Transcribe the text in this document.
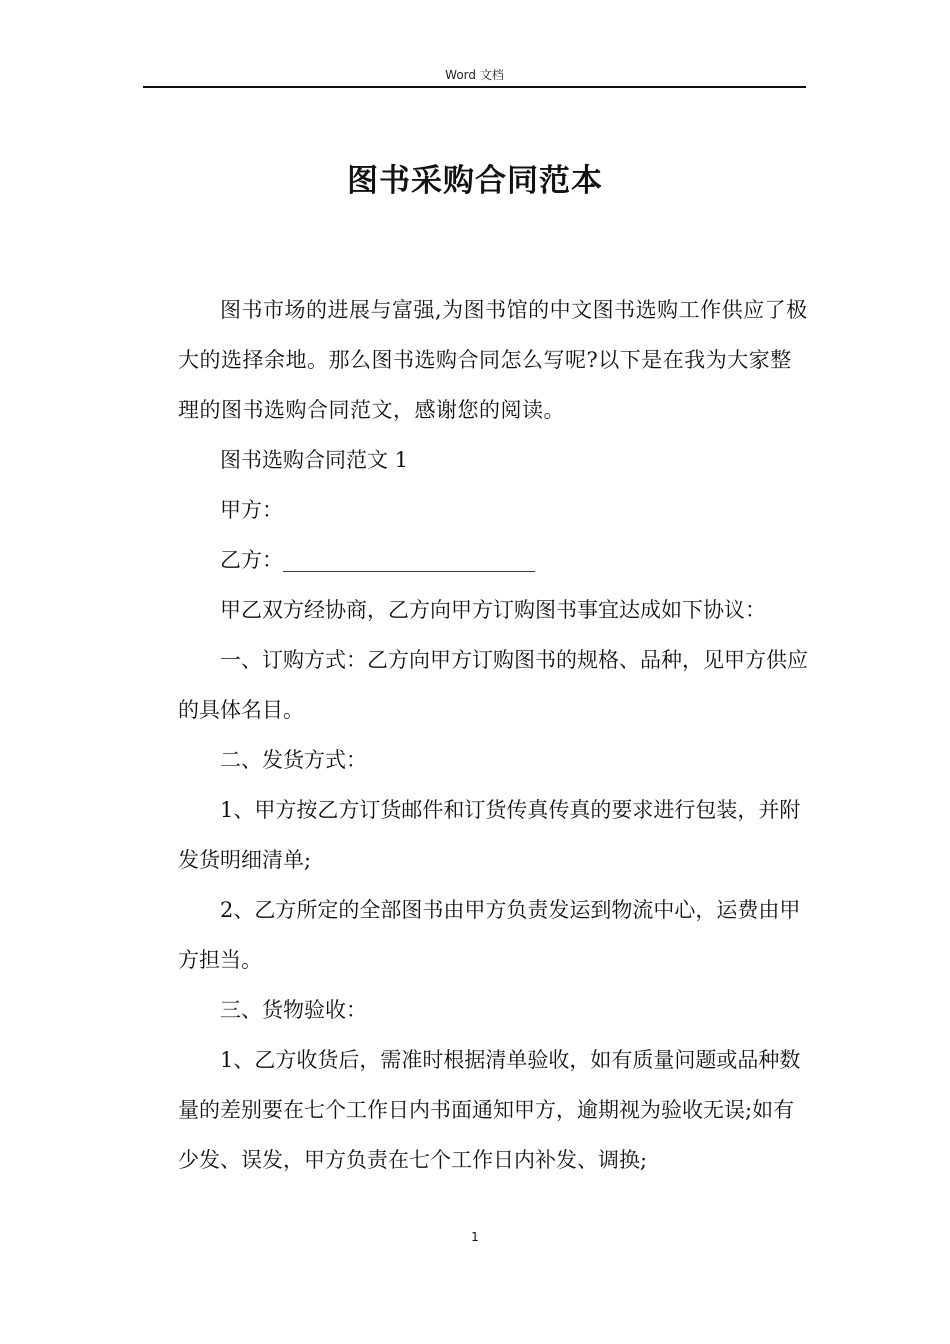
Word 文档
图书采购合同范本

图书市场的进展与富强,为图书馆的中文图书选购工作供应了极大的选择余地。那么图书选购合同怎么写呢?以下是在我为大家整理的图书选购合同范文，感谢您的阅读。

图书选购合同范文 1

甲方：

乙方：________________________

甲乙双方经协商，乙方向甲方订购图书事宜达成如下协议：

一、订购方式：乙方向甲方订购图书的规格、品种，见甲方供应的具体名目。

二、发货方式：

1、甲方按乙方订货邮件和订货传真传真的要求进行包装，并附发货明细清单;

2、乙方所定的全部图书由甲方负责发运到物流中心，运费由甲方担当。

三、货物验收：

1、乙方收货后，需准时根据清单验收，如有质量问题或品种数量的差别要在七个工作日内书面通知甲方，逾期视为验收无误;如有少发、误发，甲方负责在七个工作日内补发、调换;

1
